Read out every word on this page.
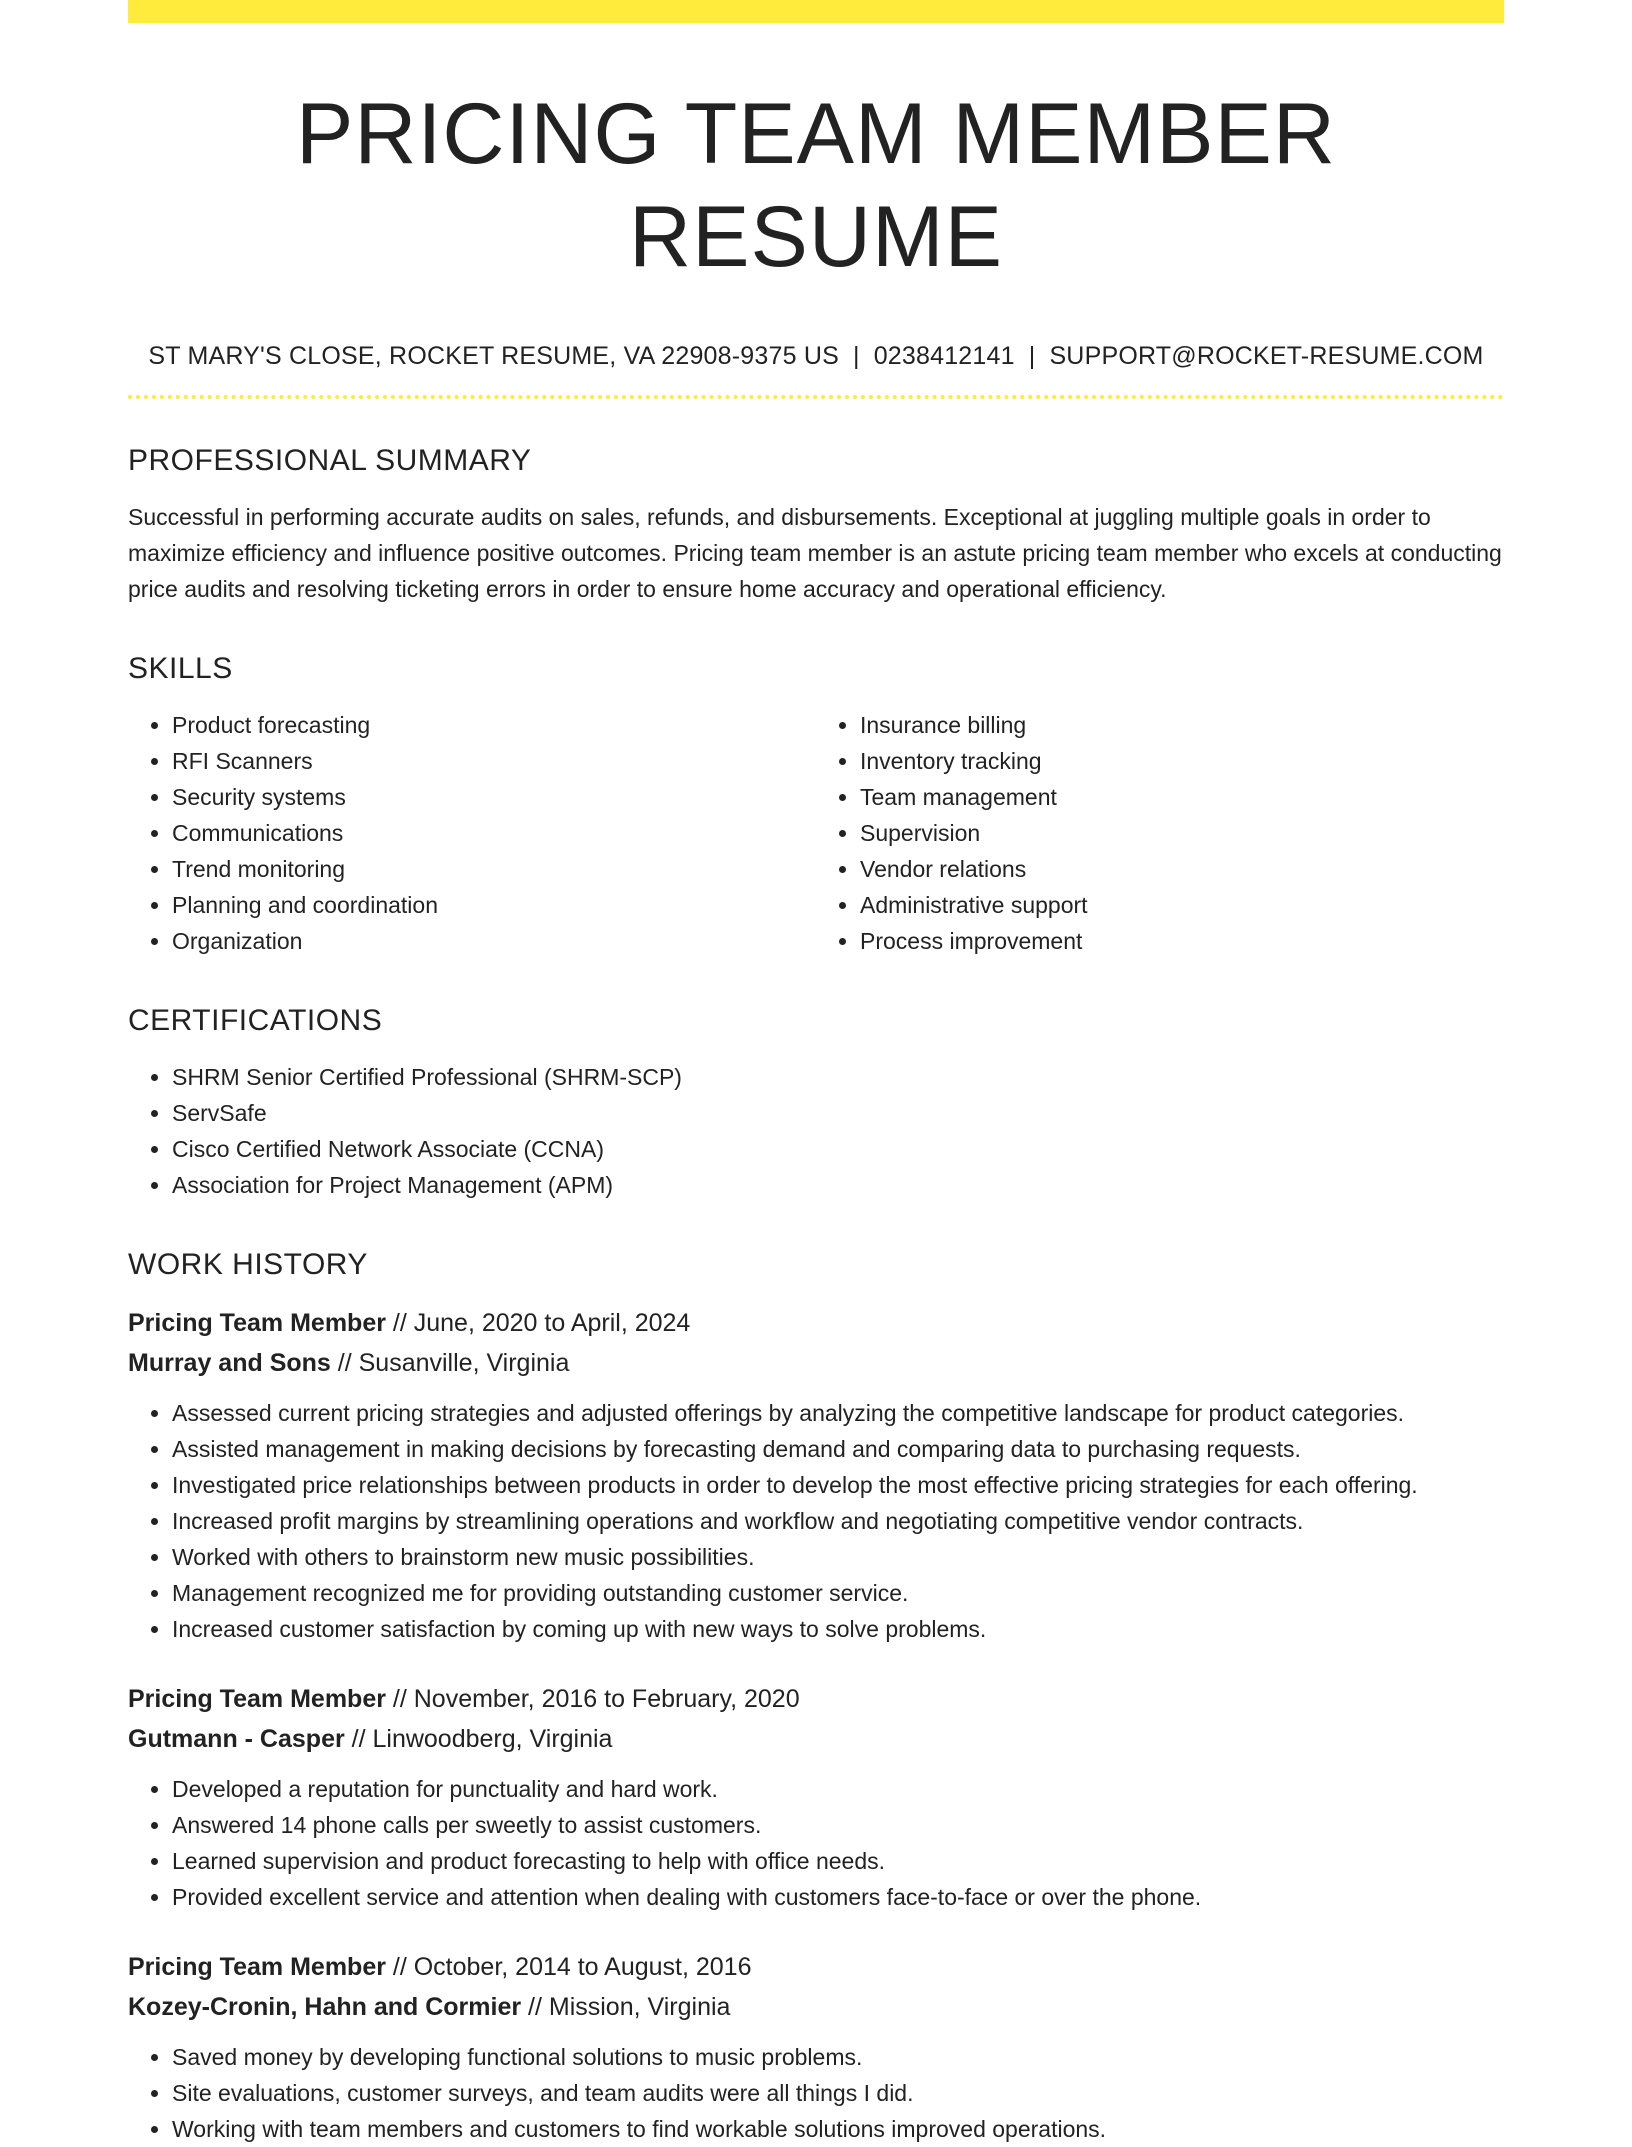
PRICING TEAM MEMBER RESUME
ST MARY'S CLOSE, ROCKET RESUME, VA 22908-9375 US | 0238412141 | SUPPORT@ROCKET-RESUME.COM
PROFESSIONAL SUMMARY

Successful in performing accurate audits on sales, refunds, and disbursements. Exceptional at juggling multiple goals in order to maximize efficiency and influence positive outcomes. Pricing team member is an astute pricing team member who excels at conducting price audits and resolving ticketing errors in order to ensure home accuracy and operational efficiency.

SKILLS
• Product forecasting
• RFI Scanners
• Security systems
• Communications
• Trend monitoring
• Planning and coordination
• Organization
• Insurance billing
• Inventory tracking
• Team management
• Supervision
• Vendor relations
• Administrative support
• Process improvement
CERTIFICATIONS
• SHRM Senior Certified Professional (SHRM-SCP)
• ServSafe
• Cisco Certified Network Associate (CCNA)
• Association for Project Management (APM)
WORK HISTORY
Pricing Team Member // June, 2020 to April, 2024
Murray and Sons // Susanville, Virginia
• Assessed current pricing strategies and adjusted offerings by analyzing the competitive landscape for product categories.
• Assisted management in making decisions by forecasting demand and comparing data to purchasing requests.
• Investigated price relationships between products in order to develop the most effective pricing strategies for each offering.
• Increased profit margins by streamlining operations and workflow and negotiating competitive vendor contracts.
• Worked with others to brainstorm new music possibilities.
• Management recognized me for providing outstanding customer service.
• Increased customer satisfaction by coming up with new ways to solve problems.
Pricing Team Member // November, 2016 to February, 2020
Gutmann - Casper // Linwoodberg, Virginia
• Developed a reputation for punctuality and hard work.
• Answered 14 phone calls per sweetly to assist customers.
• Learned supervision and product forecasting to help with office needs.
• Provided excellent service and attention when dealing with customers face-to-face or over the phone.
Pricing Team Member // October, 2014 to August, 2016
Kozey-Cronin, Hahn and Cormier // Mission, Virginia
• Saved money by developing functional solutions to music problems.
• Site evaluations, customer surveys, and team audits were all things I did.
• Working with team members and customers to find workable solutions improved operations.
